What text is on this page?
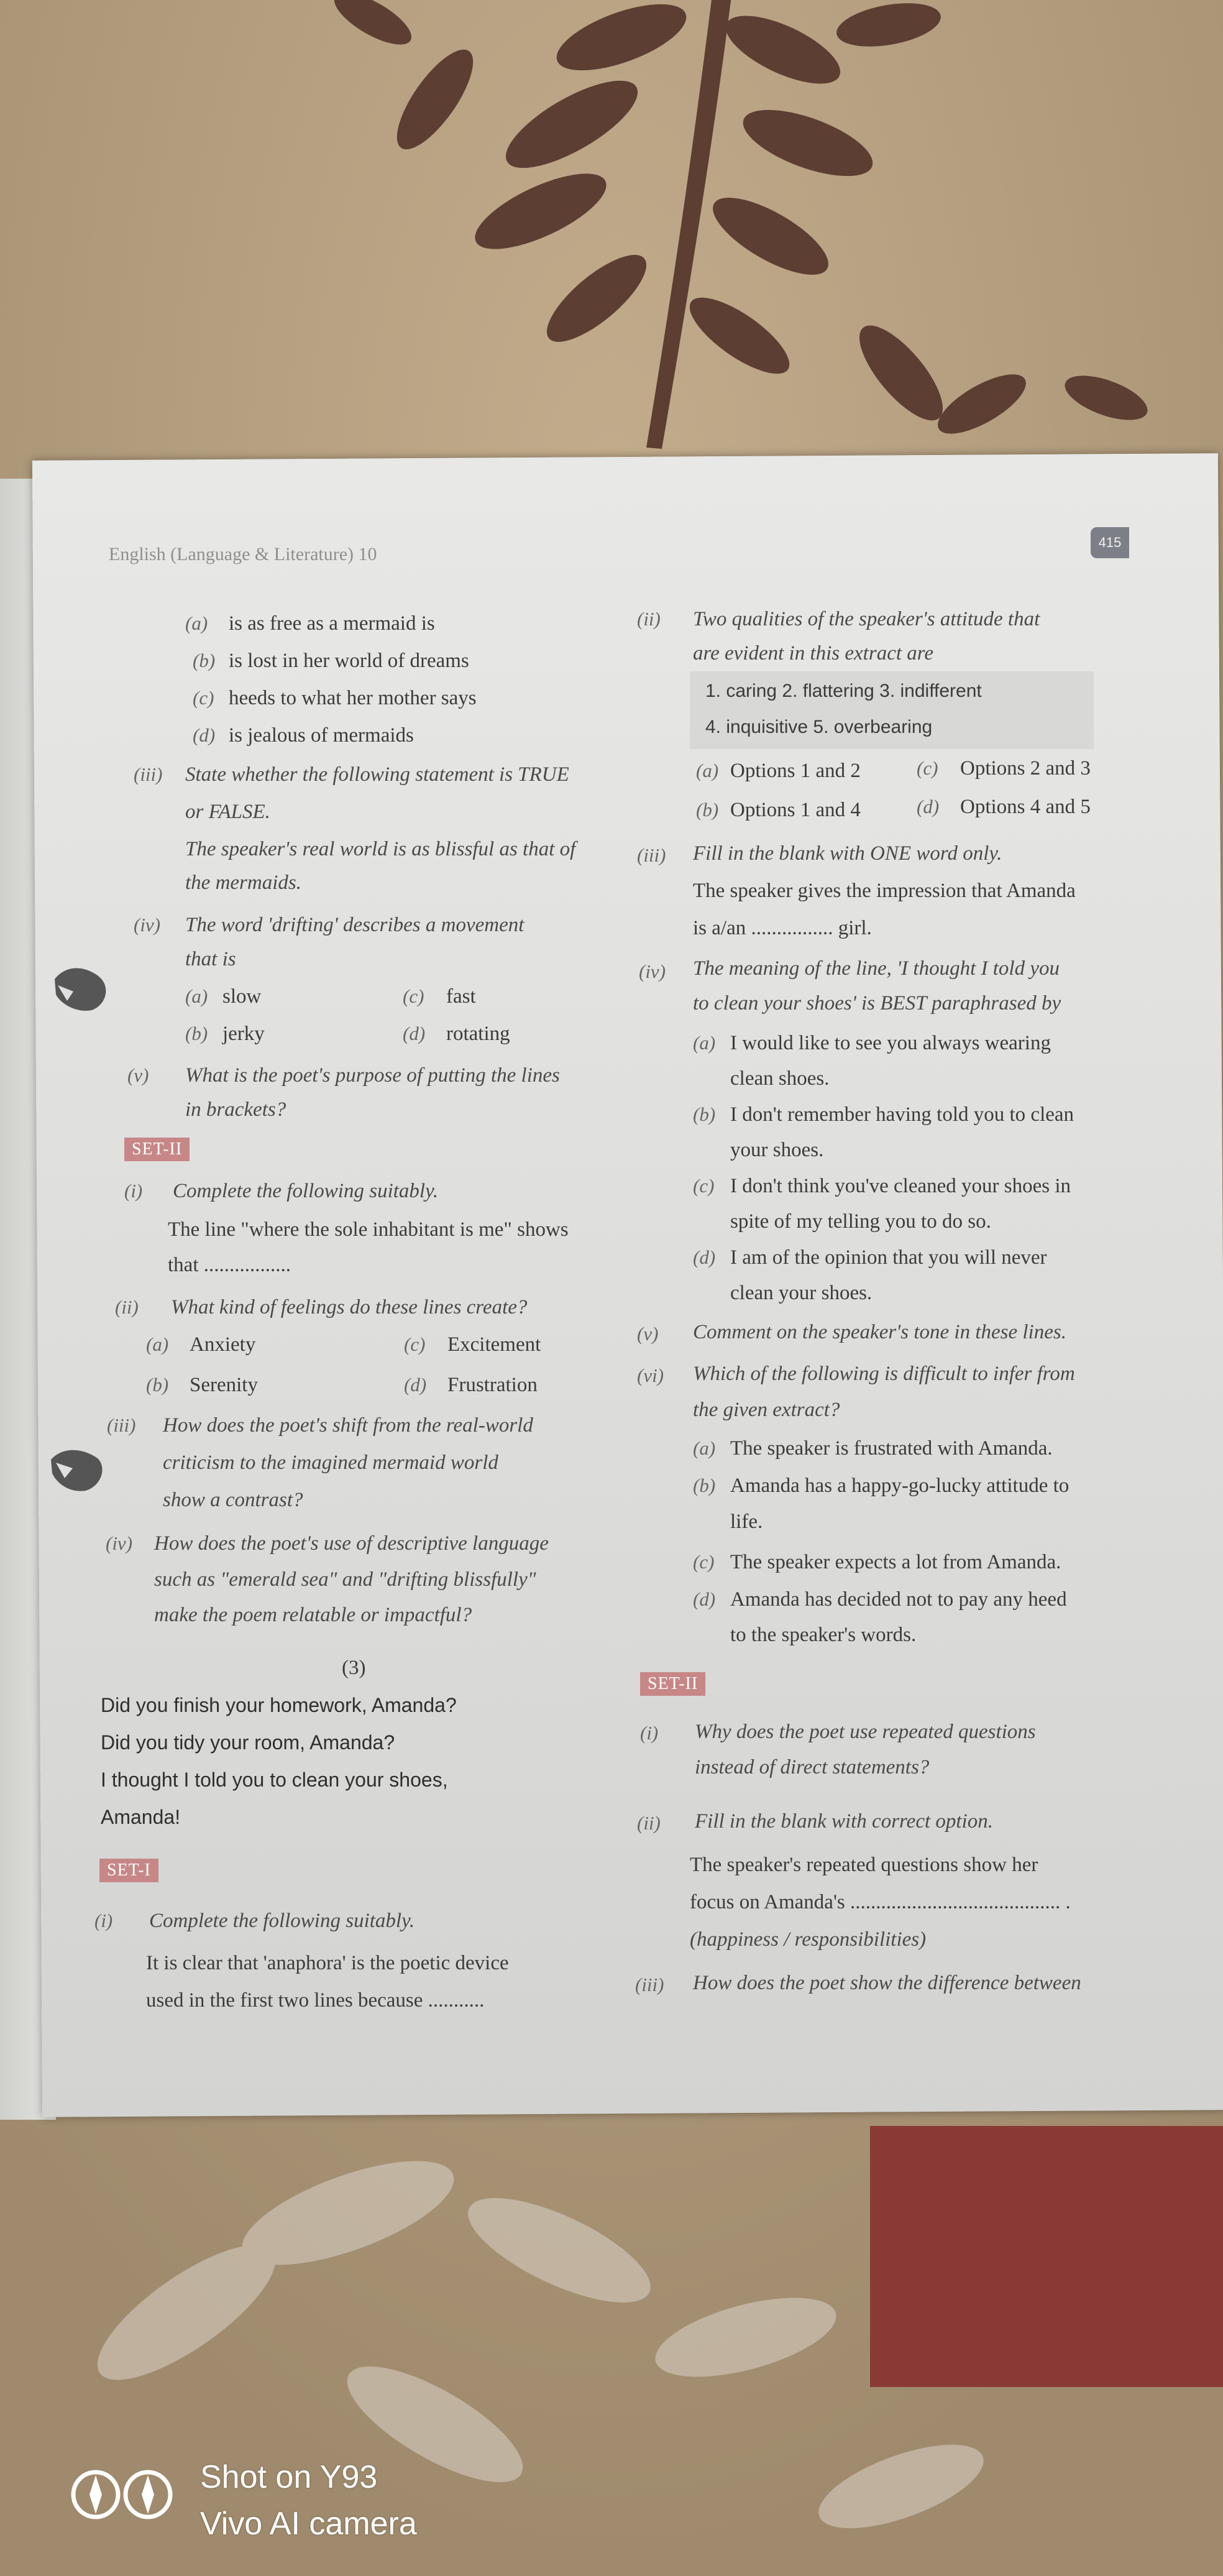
English (Language & Literature) 10
415
(a) is as free as a mermaid is
(b) is lost in her world of dreams
(c) heeds to what her mother says
(d) is jealous of mermaids
(iii) State whether the following statement is TRUE
or FALSE.
The speaker's real world is as blissful as that of
the mermaids.
(iv) The word 'drifting' describes a movement
that is
(a) slow	(c) fast
(b) jerky	(d) rotating
(v) What is the poet's purpose of putting the lines
in brackets?
SET-II
(i) Complete the following suitably.
The line "where the sole inhabitant is me" shows
that .................
(ii) What kind of feelings do these lines create?
(a) Anxiety	(c) Excitement
(b) Serenity	(d) Frustration
(iii) How does the poet's shift from the real-world
criticism to the imagined mermaid world
show a contrast?
(iv) How does the poet's use of descriptive language
such as "emerald sea" and "drifting blissfully"
make the poem relatable or impactful?
(3)
Did you finish your homework, Amanda?
Did you tidy your room, Amanda?
I thought I told you to clean your shoes,
Amanda!
SET-I
(i) Complete the following suitably.
It is clear that 'anaphora' is the poetic device
used in the first two lines because ...........
(ii) Two qualities of the speaker's attitude that
are evident in this extract are
1. caring 2. flattering 3. indifferent
4. inquisitive 5. overbearing
(a) Options 1 and 2	(c) Options 2 and 3
(b) Options 1 and 4	(d) Options 4 and 5
(iii) Fill in the blank with ONE word only.
The speaker gives the impression that Amanda
is a/an ................ girl.
(iv) The meaning of the line, 'I thought I told you
to clean your shoes' is BEST paraphrased by
(a) I would like to see you always wearing
clean shoes.
(b) I don't remember having told you to clean
your shoes.
(c) I don't think you've cleaned your shoes in
spite of my telling you to do so.
(d) I am of the opinion that you will never
clean your shoes.
(v) Comment on the speaker's tone in these lines.
(vi) Which of the following is difficult to infer from
the given extract?
(a) The speaker is frustrated with Amanda.
(b) Amanda has a happy-go-lucky attitude to
life.
(c) The speaker expects a lot from Amanda.
(d) Amanda has decided not to pay any heed
to the speaker's words.
SET-II
(i) Why does the poet use repeated questions
instead of direct statements?
(ii) Fill in the blank with correct option.
The speaker's repeated questions show her
focus on Amanda's ......................................... .
(happiness / responsibilities)
(iii) How does the poet show the difference between
Shot on Y93
Vivo AI camera
